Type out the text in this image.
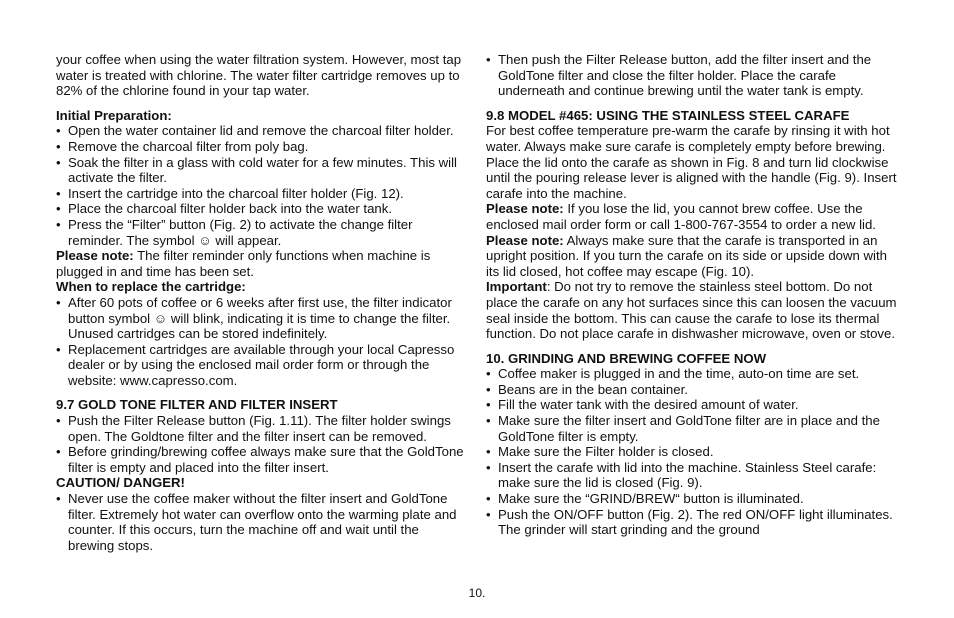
your coffee when using the water filtration system. However, most tap water is treated with chlorine. The water filter cartridge removes up to 82% of the chlorine found in your tap water.

Initial Preparation:

• Open the water container lid and remove the charcoal filter holder.
• Remove the charcoal filter from poly bag.
• Soak the filter in a glass with cold water for a few minutes. This will activate the filter.
• Insert the cartridge into the charcoal filter holder (Fig. 12).
• Place the charcoal filter holder back into the water tank.
• Press the “Filter” button (Fig. 2) to activate the change filter reminder. The symbol ☺ will appear.

Please note: The filter reminder only functions when machine is plugged in and time has been set.

When to replace the cartridge:

• After 60 pots of coffee or 6 weeks after first use, the filter indicator button symbol ☺ will blink, indicating it is time to change the filter. Unused cartridges can be stored indefinitely.
• Replacement cartridges are available through your local Capresso dealer or by using the enclosed mail order form or through the website: www.capresso.com.

9.7 GOLD TONE FILTER AND FILTER INSERT

• Push the Filter Release button (Fig. 1.11). The filter holder swings open. The Goldtone filter and the filter insert can be removed.
• Before grinding/brewing coffee always make sure that the GoldTone filter is empty and placed into the filter insert.

CAUTION/ DANGER!

• Never use the coffee maker without the filter insert and GoldTone filter. Extremely hot water can overflow onto the warming plate and counter. If this occurs, turn the machine off and wait until the brewing stops.
• Then push the Filter Release button, add the filter insert and the GoldTone filter and close the filter holder. Place the carafe underneath and continue brewing until the water tank is empty.

9.8 MODEL #465: USING THE STAINLESS STEEL CARAFE

For best coffee temperature pre-warm the carafe by rinsing it with hot water. Always make sure carafe is completely empty before brewing. Place the lid onto the carafe as shown in Fig. 8 and turn lid clockwise until the pouring release lever is aligned with the handle (Fig. 9). Insert carafe into the machine.

Please note: If you lose the lid, you cannot brew coffee. Use the enclosed mail order form or call 1-800-767-3554 to order a new lid.

Please note: Always make sure that the carafe is transported in an upright position. If you turn the carafe on its side or upside down with its lid closed, hot coffee may escape (Fig. 10).

Important: Do not try to remove the stainless steel bottom. Do not place the carafe on any hot surfaces since this can loosen the vacuum seal inside the bottom. This can cause the carafe to lose its thermal function. Do not place carafe in dishwasher microwave, oven or stove.

10. GRINDING AND BREWING COFFEE NOW

• Coffee maker is plugged in and the time, auto-on time are set.
• Beans are in the bean container.
• Fill the water tank with the desired amount of water.
• Make sure the filter insert and GoldTone filter are in place and the GoldTone filter is empty.
• Make sure the Filter holder is closed.
• Insert the carafe with lid into the machine. Stainless Steel carafe: make sure the lid is closed (Fig. 9).
• Make sure the “GRIND/BREW“ button is illuminated.
• Push the ON/OFF button (Fig. 2). The red ON/OFF light illuminates. The grinder will start grinding and the ground
10.
